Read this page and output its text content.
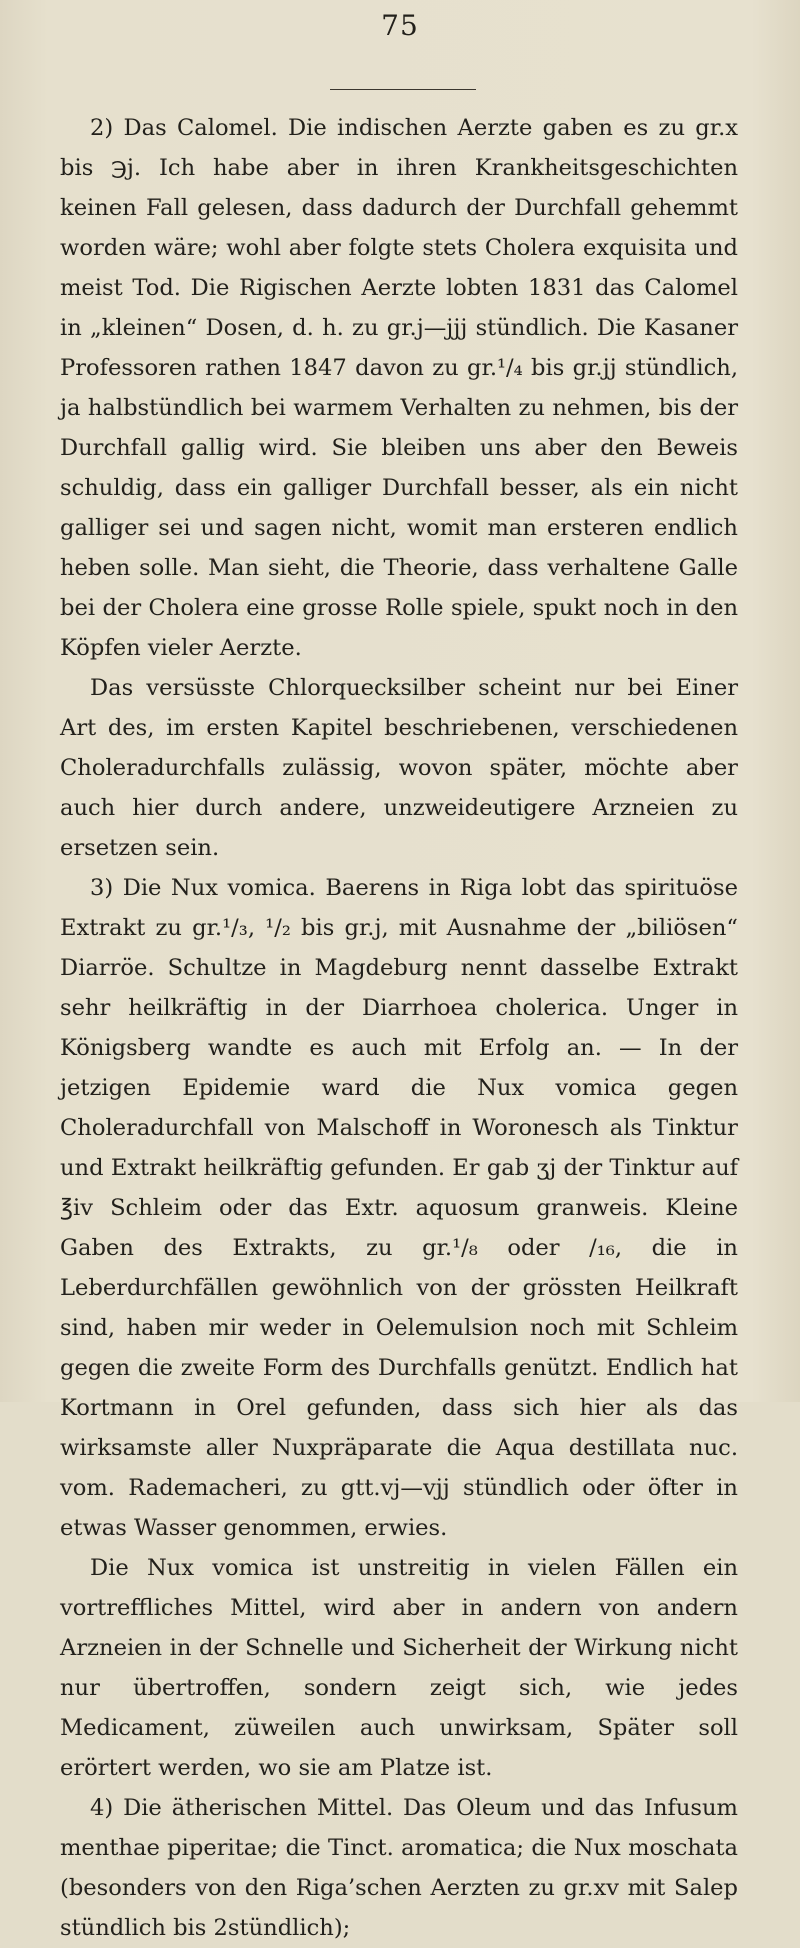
75

2) Das Calomel. Die indischen Aerzte gaben es zu gr.x bis ℈j. Ich habe aber in ihren Krankheitsgeschichten keinen Fall gelesen, dass dadurch der Durchfall gehemmt worden wäre; wohl aber folgte stets Cholera exquisita und meist Tod. Die Rigischen Aerzte lobten 1831 das Calomel in „kleinen“ Dosen, d. h. zu gr.j—jjj stündlich. Die Kasaner Professoren rathen 1847 davon zu gr.¹/₄ bis gr.jj stündlich, ja halbstündlich bei warmem Verhalten zu nehmen, bis der Durchfall gallig wird. Sie bleiben uns aber den Beweis schuldig, dass ein galliger Durchfall besser, als ein nicht galliger sei und sagen nicht, womit man ersteren endlich heben solle. Man sieht, die Theorie, dass verhaltene Galle bei der Cholera eine grosse Rolle spiele, spukt noch in den Köpfen vieler Aerzte.

Das versüsste Chlorquecksilber scheint nur bei Einer Art des, im ersten Kapitel beschriebenen, verschiedenen Choleradurchfalls zulässig, wovon später, möchte aber auch hier durch andere, unzweideutigere Arzneien zu ersetzen sein.

3) Die Nux vomica. Baerens in Riga lobt das spirituöse Extrakt zu gr.¹/₃, ¹/₂ bis gr.j, mit Ausnahme der „biliösen“ Diarröe. Schultze in Magdeburg nennt dasselbe Extrakt sehr heilkräftig in der Diarrhoea cholerica. Unger in Königsberg wandte es auch mit Erfolg an. — In der jetzigen Epidemie ward die Nux vomica gegen Choleradurchfall von Malschoff in Woronesch als Tinktur und Extrakt heilkräftig gefunden. Er gab ʒj der Tinktur auf ℥iv Schleim oder das Extr. aquosum granweis. Kleine Gaben des Extrakts, zu gr.¹/₈ oder /₁₆, die in Leberdurchfällen gewöhnlich von der grössten Heilkraft sind, haben mir weder in Oelemulsion noch mit Schleim gegen die zweite Form des Durchfalls genützt. Endlich hat Kortmann in Orel gefunden, dass sich hier als das wirksamste aller Nuxpräparate die Aqua destillata nuc. vom. Rademacheri, zu gtt.vj—vjj stündlich oder öfter in etwas Wasser genommen, erwies.

Die Nux vomica ist unstreitig in vielen Fällen ein vortreffliches Mittel, wird aber in andern von andern Arzneien in der Schnelle und Sicherheit der Wirkung nicht nur übertroffen, sondern zeigt sich, wie jedes Medicament, züweilen auch unwirksam, Später soll erörtert werden, wo sie am Platze ist.

4) Die ätherischen Mittel. Das Oleum und das Infusum menthae piperitae; die Tinct. aromatica; die Nux moschata (besonders von den Riga’schen Aerzten zu gr.xv mit Salep stündlich bis 2stündlich);
